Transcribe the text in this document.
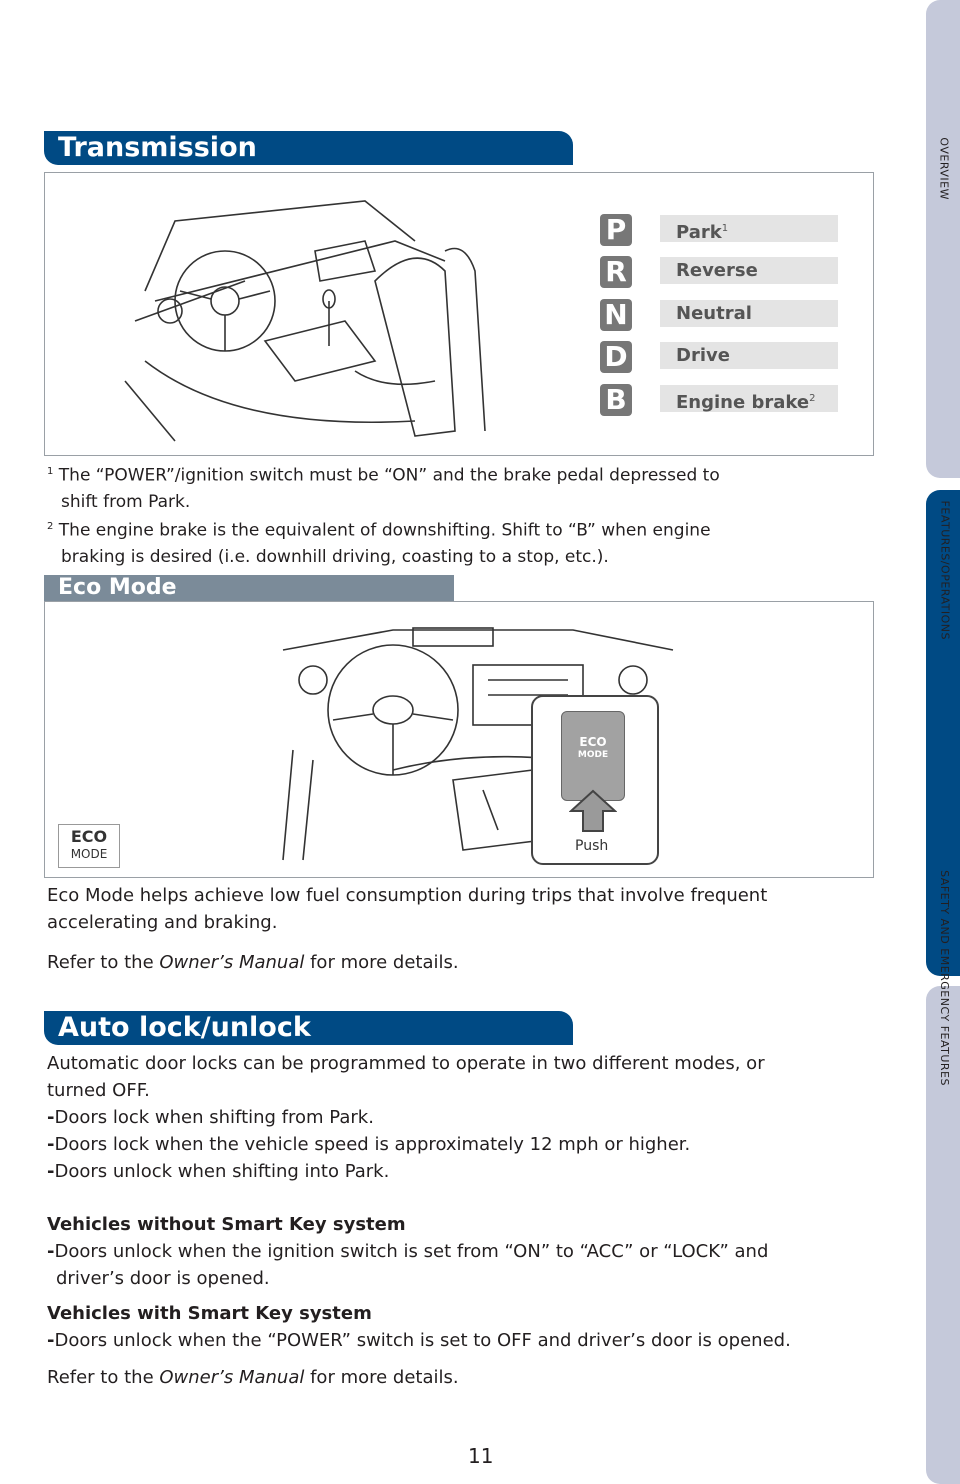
OVERVIEW
FEATURES/OPERATIONS
SAFETY AND EMERGENCY FEATURES
Transmission
P	Park$^1$
R	Reverse
N	Neutral
D	Drive
B	Engine brake$^2$
$^1$ The “POWER”/ignition switch must be “ON” and the brake pedal depressed to
shift from Park.
$^2$ The engine brake is the equivalent of downshifting. Shift to “B” when engine
braking is desired (i.e. downhill driving, coasting to a stop, etc.).
Eco Mode
ECO
MODE
Push
ECO
MODE
Eco Mode helps achieve low fuel consumption during trips that involve frequent
accelerating and braking.
Refer to the Owner’s Manual for more details.
Auto lock/unlock
Automatic door locks can be programmed to operate in two different modes, or
turned OFF.
-Doors lock when shifting from Park.
-Doors lock when the vehicle speed is approximately 12 mph or higher.
-Doors unlock when shifting into Park.
Vehicles without Smart Key system
-Doors unlock when the ignition switch is set from “ON” to “ACC” or “LOCK” and
driver’s door is opened.
Vehicles with Smart Key system
-Doors unlock when the “POWER” switch is set to OFF and driver’s door is opened.
Refer to the Owner’s Manual for more details.
11
